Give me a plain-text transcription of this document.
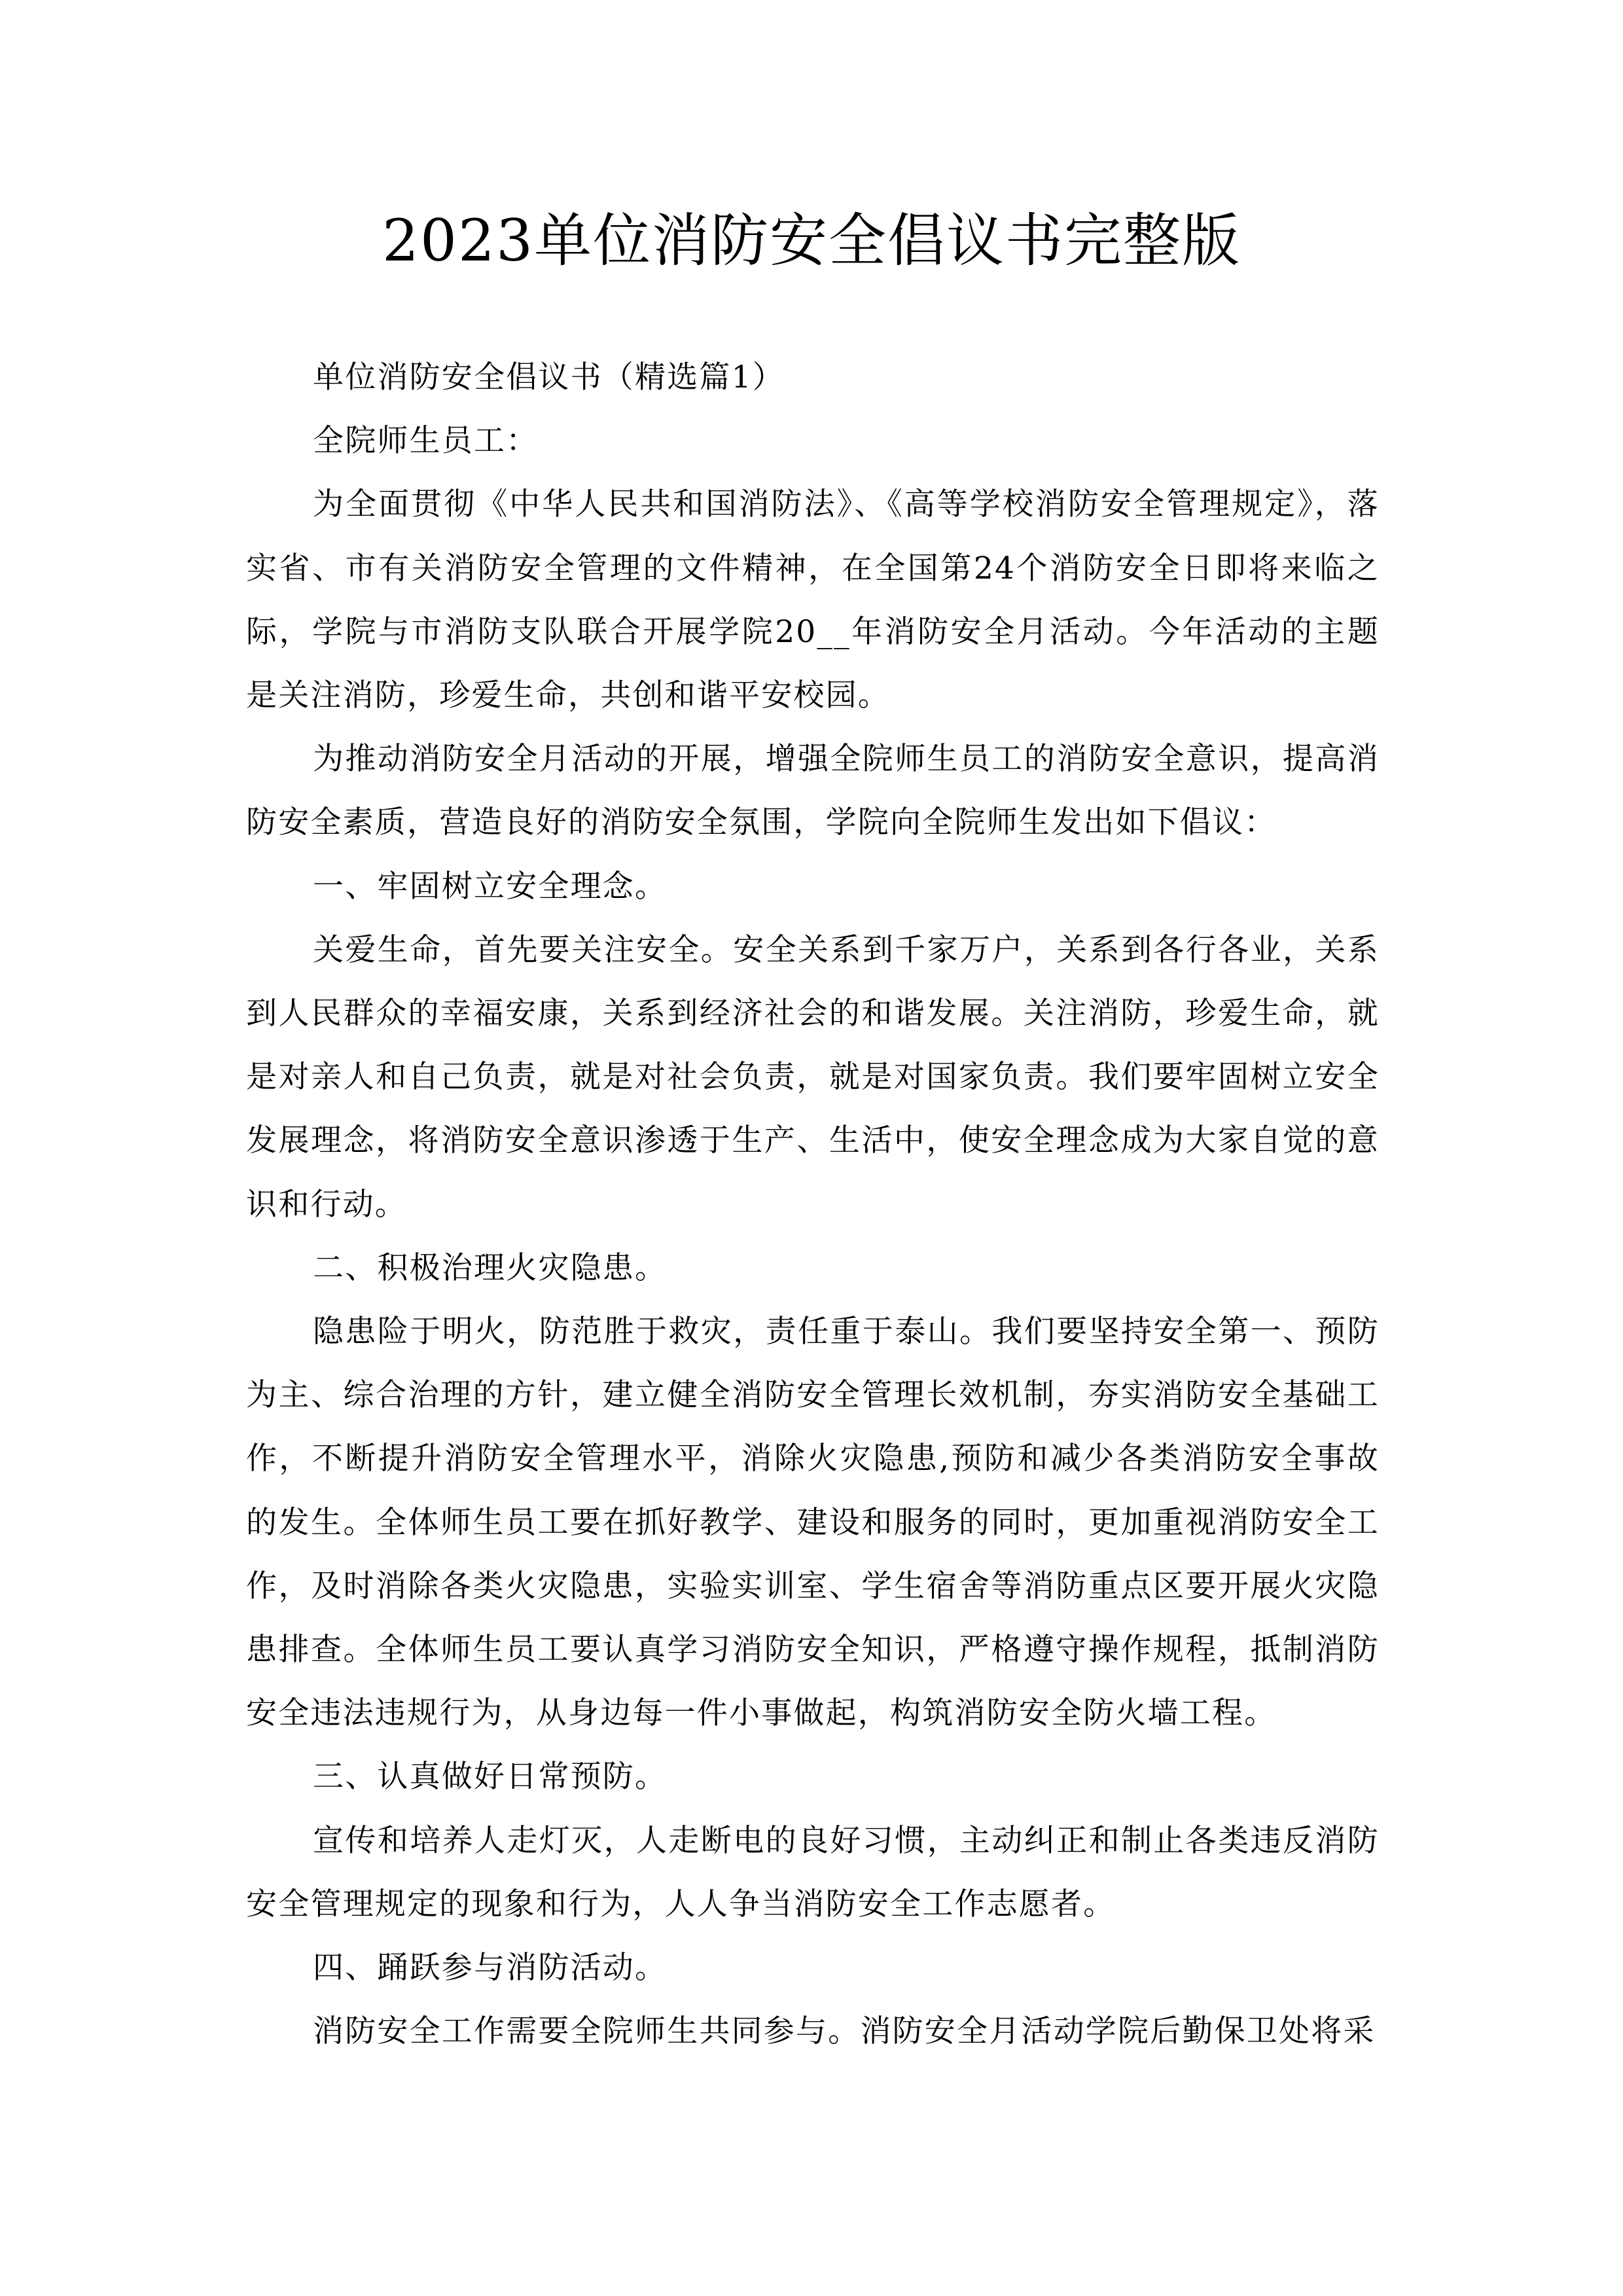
2023单位消防安全倡议书完整版

单位消防安全倡议书（精选篇1）

全院师生员工：

为全面贯彻《中华人民共和国消防法》、《高等学校消防安全管理规定》，落实省、市有关消防安全管理的文件精神，在全国第24个消防安全日即将来临之际，学院与市消防支队联合开展学院20__年消防安全月活动。今年活动的主题是关注消防，珍爱生命，共创和谐平安校园。

为推动消防安全月活动的开展，增强全院师生员工的消防安全意识，提高消防安全素质，营造良好的消防安全氛围，学院向全院师生发出如下倡议：

一、牢固树立安全理念。

关爱生命，首先要关注安全。安全关系到千家万户，关系到各行各业，关系到人民群众的幸福安康，关系到经济社会的和谐发展。关注消防，珍爱生命，就是对亲人和自己负责，就是对社会负责，就是对国家负责。我们要牢固树立安全发展理念，将消防安全意识渗透于生产、生活中，使安全理念成为大家自觉的意识和行动。

二、积极治理火灾隐患。

隐患险于明火，防范胜于救灾，责任重于泰山。我们要坚持安全第一、预防为主、综合治理的方针，建立健全消防安全管理长效机制，夯实消防安全基础工作，不断提升消防安全管理水平，消除火灾隐患,预防和减少各类消防安全事故的发生。全体师生员工要在抓好教学、建设和服务的同时，更加重视消防安全工作，及时消除各类火灾隐患，实验实训室、学生宿舍等消防重点区要开展火灾隐患排查。全体师生员工要认真学习消防安全知识，严格遵守操作规程，抵制消防安全违法违规行为，从身边每一件小事做起，构筑消防安全防火墙工程。

三、认真做好日常预防。

宣传和培养人走灯灭，人走断电的良好习惯，主动纠正和制止各类违反消防安全管理规定的现象和行为，人人争当消防安全工作志愿者。

四、踊跃参与消防活动。

消防安全工作需要全院师生共同参与。消防安全月活动学院后勤保卫处将采
